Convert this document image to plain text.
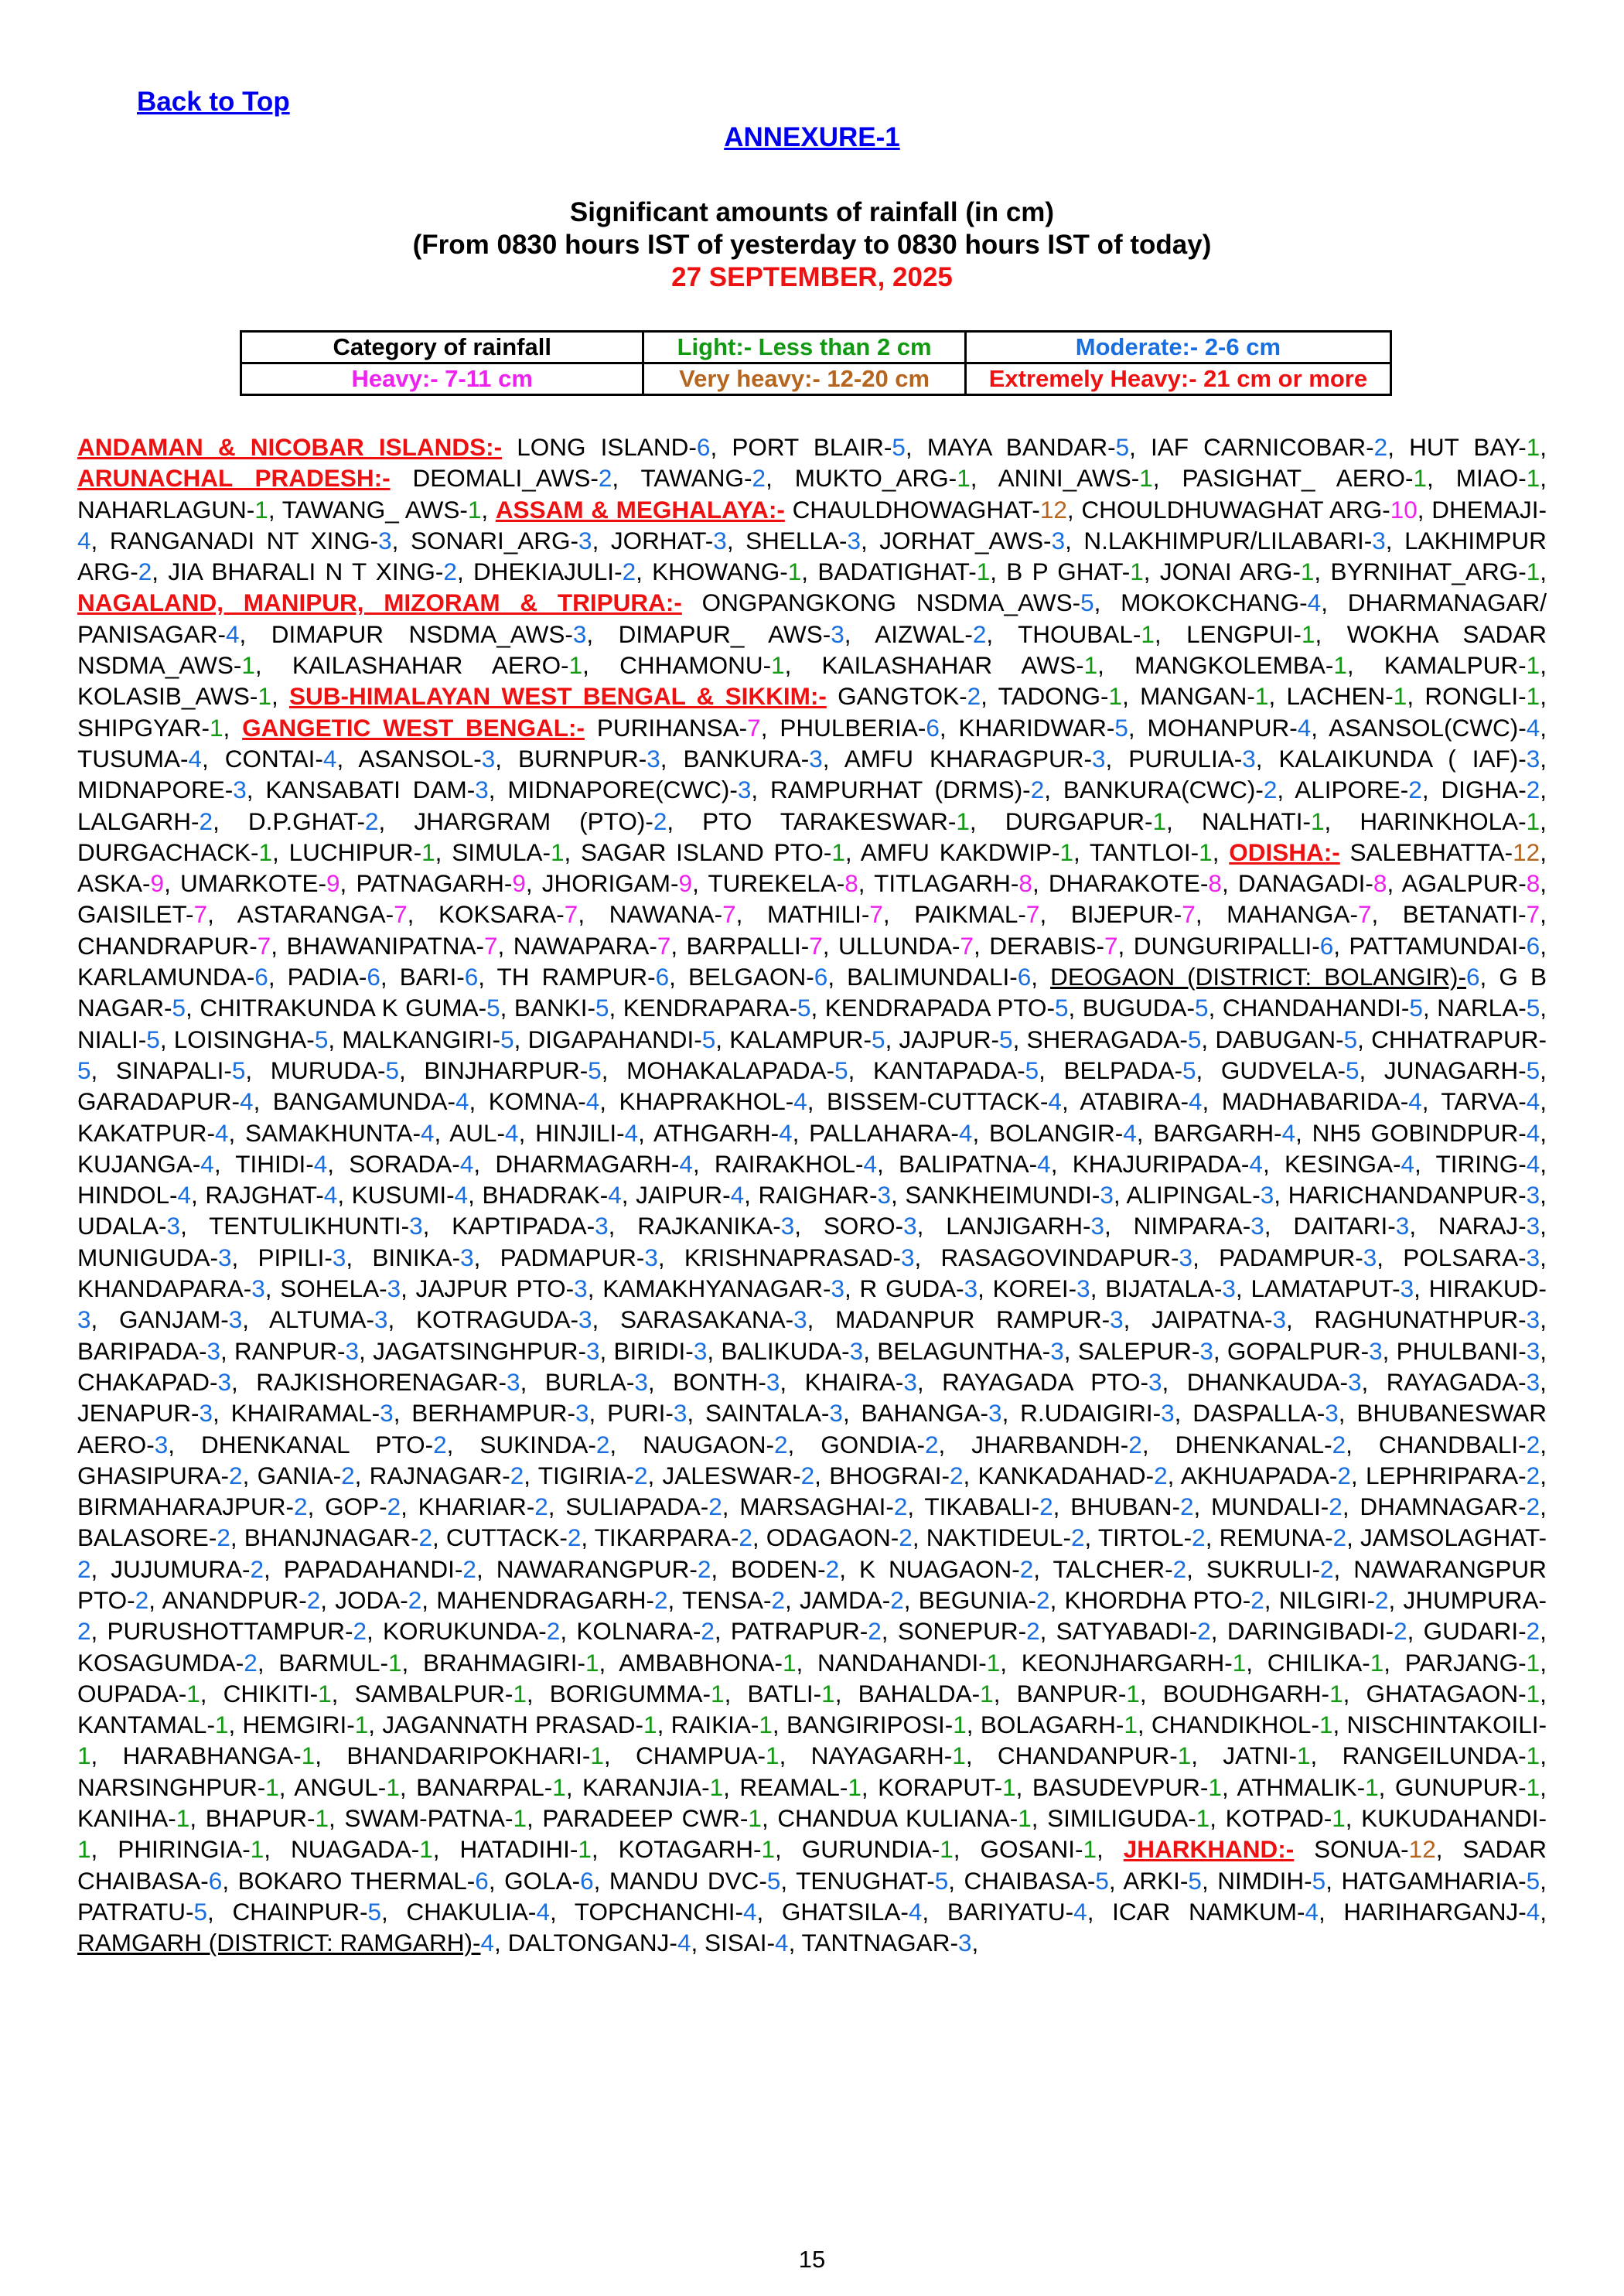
Back to Top
ANNEXURE-1
Significant amounts of rainfall (in cm)
(From 0830 hours IST of yesterday to 0830 hours IST of today)
27 SEPTEMBER, 2025
Category of rainfall	Light:- Less than 2 cm	Moderate:- 2-6 cm
Heavy:- 7-11 cm	Very heavy:- 12-20 cm	Extremely Heavy:- 21 cm or more
ANDAMAN & NICOBAR ISLANDS:- LONG ISLAND-6, PORT BLAIR-5, MAYA BANDAR-5, IAF CARNICOBAR-2, HUT BAY-1, ARUNACHAL PRADESH:- DEOMALI_AWS-2, TAWANG-2, MUKTO_ARG-1, ANINI_AWS-1, PASIGHAT_ AERO-1, MIAO-1, NAHARLAGUN-1, TAWANG_ AWS-1, ASSAM & MEGHALAYA:- CHAULDHOWAGHAT-12, CHOULDHUWAGHAT ARG-10, DHEMAJI-4, RANGANADI NT XING-3, SONARI_ARG-3, JORHAT-3, SHELLA-3, JORHAT_AWS-3, N.LAKHIMPUR/LILABARI-3, LAKHIMPUR ARG-2, JIA BHARALI N T XING-2, DHEKIAJULI-2, KHOWANG-1, BADATIGHAT-1, B P GHAT-1, JONAI ARG-1, BYRNIHAT_ARG-1, NAGALAND, MANIPUR, MIZORAM & TRIPURA:- ONGPANGKONG NSDMA_AWS-5, MOKOKCHANG-4, DHARMANAGAR/ PANISAGAR-4, DIMAPUR NSDMA_AWS-3, DIMAPUR_ AWS-3, AIZWAL-2, THOUBAL-1, LENGPUI-1, WOKHA SADAR NSDMA_AWS-1, KAILASHAHAR AERO-1, CHHAMONU-1, KAILASHAHAR AWS-1, MANGKOLEMBA-1, KAMALPUR-1, KOLASIB_AWS-1, SUB-HIMALAYAN WEST BENGAL & SIKKIM:- GANGTOK-2, TADONG-1, MANGAN-1, LACHEN-1, RONGLI-1, SHIPGYAR-1, GANGETIC WEST BENGAL:- PURIHANSA-7, PHULBERIA-6, KHARIDWAR-5, MOHANPUR-4, ASANSOL(CWC)-4, TUSUMA-4, CONTAI-4, ASANSOL-3, BURNPUR-3, BANKURA-3, AMFU KHARAGPUR-3, PURULIA-3, KALAIKUNDA ( IAF)-3, MIDNAPORE-3, KANSABATI DAM-3, MIDNAPORE(CWC)-3, RAMPURHAT (DRMS)-2, BANKURA(CWC)-2, ALIPORE-2, DIGHA-2, LALGARH-2, D.P.GHAT-2, JHARGRAM (PTO)-2, PTO TARAKESWAR-1, DURGAPUR-1, NALHATI-1, HARINKHOLA-1, DURGACHACK-1, LUCHIPUR-1, SIMULA-1, SAGAR ISLAND PTO-1, AMFU KAKDWIP-1, TANTLOI-1, ODISHA:- SALEBHATTA-12, ASKA-9, UMARKOTE-9, PATNAGARH-9, JHORIGAM-9, TUREKELA-8, TITLAGARH-8, DHARAKOTE-8, DANAGADI-8, AGALPUR-8, GAISILET-7, ASTARANGA-7, KOKSARA-7, NAWANA-7, MATHILI-7, PAIKMAL-7, BIJEPUR-7, MAHANGA-7, BETANATI-7, CHANDRAPUR-7, BHAWANIPATNA-7, NAWAPARA-7, BARPALLI-7, ULLUNDA-7, DERABIS-7, DUNGURIPALLI-6, PATTAMUNDAI-6, KARLAMUNDA-6, PADIA-6, BARI-6, TH RAMPUR-6, BELGAON-6, BALIMUNDALI-6, DEOGAON (DISTRICT: BOLANGIR)-6, G B NAGAR-5, CHITRAKUNDA K GUMA-5, BANKI-5, KENDRAPARA-5, KENDRAPADA PTO-5, BUGUDA-5, CHANDAHANDI-5, NARLA-5, NIALI-5, LOISINGHA-5, MALKANGIRI-5, DIGAPAHANDI-5, KALAMPUR-5, JAJPUR-5, SHERAGADA-5, DABUGAN-5, CHHATRAPUR-5, SINAPALI-5, MURUDA-5, BINJHARPUR-5, MOHAKALAPADA-5, KANTAPADA-5, BELPADA-5, GUDVELA-5, JUNAGARH-5, GARADAPUR-4, BANGAMUNDA-4, KOMNA-4, KHAPRAKHOL-4, BISSEM-CUTTACK-4, ATABIRA-4, MADHABARIDA-4, TARVA-4, KAKATPUR-4, SAMAKHUNTA-4, AUL-4, HINJILI-4, ATHGARH-4, PALLAHARA-4, BOLANGIR-4, BARGARH-4, NH5 GOBINDPUR-4, KUJANGA-4, TIHIDI-4, SORADA-4, DHARMAGARH-4, RAIRAKHOL-4, BALIPATNA-4, KHAJURIPADA-4, KESINGA-4, TIRING-4, HINDOL-4, RAJGHAT-4, KUSUMI-4, BHADRAK-4, JAIPUR-4, RAIGHAR-3, SANKHEIMUNDI-3, ALIPINGAL-3, HARICHANDANPUR-3, UDALA-3, TENTULIKHUNTI-3, KAPTIPADA-3, RAJKANIKA-3, SORO-3, LANJIGARH-3, NIMPARA-3, DAITARI-3, NARAJ-3, MUNIGUDA-3, PIPILI-3, BINIKA-3, PADMAPUR-3, KRISHNAPRASAD-3, RASAGOVINDAPUR-3, PADAMPUR-3, POLSARA-3, KHANDAPARA-3, SOHELA-3, JAJPUR PTO-3, KAMAKHYANAGAR-3, R GUDA-3, KOREI-3, BIJATALA-3, LAMATAPUT-3, HIRAKUD-3, GANJAM-3, ALTUMA-3, KOTRAGUDA-3, SARASAKANA-3, MADANPUR RAMPUR-3, JAIPATNA-3, RAGHUNATHPUR-3, BARIPADA-3, RANPUR-3, JAGATSINGHPUR-3, BIRIDI-3, BALIKUDA-3, BELAGUNTHA-3, SALEPUR-3, GOPALPUR-3, PHULBANI-3, CHAKAPAD-3, RAJKISHORENAGAR-3, BURLA-3, BONTH-3, KHAIRA-3, RAYAGADA PTO-3, DHANKAUDA-3, RAYAGADA-3, JENAPUR-3, KHAIRAMAL-3, BERHAMPUR-3, PURI-3, SAINTALA-3, BAHANGA-3, R.UDAIGIRI-3, DASPALLA-3, BHUBANESWAR AERO-3, DHENKANAL PTO-2, SUKINDA-2, NAUGAON-2, GONDIA-2, JHARBANDH-2, DHENKANAL-2, CHANDBALI-2, GHASIPURA-2, GANIA-2, RAJNAGAR-2, TIGIRIA-2, JALESWAR-2, BHOGRAI-2, KANKADAHAD-2, AKHUAPADA-2, LEPHRIPARA-2, BIRMAHARAJPUR-2, GOP-2, KHARIAR-2, SULIAPADA-2, MARSAGHAI-2, TIKABALI-2, BHUBAN-2, MUNDALI-2, DHAMNAGAR-2, BALASORE-2, BHANJNAGAR-2, CUTTACK-2, TIKARPARA-2, ODAGAON-2, NAKTIDEUL-2, TIRTOL-2, REMUNA-2, JAMSOLAGHAT-2, JUJUMURA-2, PAPADAHANDI-2, NAWARANGPUR-2, BODEN-2, K NUAGAON-2, TALCHER-2, SUKRULI-2, NAWARANGPUR PTO-2, ANANDPUR-2, JODA-2, MAHENDRAGARH-2, TENSA-2, JAMDA-2, BEGUNIA-2, KHORDHA PTO-2, NILGIRI-2, JHUMPURA-2, PURUSHOTTAMPUR-2, KORUKUNDA-2, KOLNARA-2, PATRAPUR-2, SONEPUR-2, SATYABADI-2, DARINGIBADI-2, GUDARI-2, KOSAGUMDA-2, BARMUL-1, BRAHMAGIRI-1, AMBABHONA-1, NANDAHANDI-1, KEONJHARGARH-1, CHILIKA-1, PARJANG-1, OUPADA-1, CHIKITI-1, SAMBALPUR-1, BORIGUMMA-1, BATLI-1, BAHALDA-1, BANPUR-1, BOUDHGARH-1, GHATAGAON-1, KANTAMAL-1, HEMGIRI-1, JAGANNATH PRASAD-1, RAIKIA-1, BANGIRIPOSI-1, BOLAGARH-1, CHANDIKHOL-1, NISCHINTAKOILI-1, HARABHANGA-1, BHANDARIPOKHARI-1, CHAMPUA-1, NAYAGARH-1, CHANDANPUR-1, JATNI-1, RANGEILUNDA-1, NARSINGHPUR-1, ANGUL-1, BANARPAL-1, KARANJIA-1, REAMAL-1, KORAPUT-1, BASUDEVPUR-1, ATHMALIK-1, GUNUPUR-1, KANIHA-1, BHAPUR-1, SWAM-PATNA-1, PARADEEP CWR-1, CHANDUA KULIANA-1, SIMILIGUDA-1, KOTPAD-1, KUKUDAHANDI-1, PHIRINGIA-1, NUAGADA-1, HATADIHI-1, KOTAGARH-1, GURUNDIA-1, GOSANI-1, JHARKHAND:- SONUA-12, SADAR CHAIBASA-6, BOKARO THERMAL-6, GOLA-6, MANDU DVC-5, TENUGHAT-5, CHAIBASA-5, ARKI-5, NIMDIH-5, HATGAMHARIA-5, PATRATU-5, CHAINPUR-5, CHAKULIA-4, TOPCHANCHI-4, GHATSILA-4, BARIYATU-4, ICAR NAMKUM-4, HARIHARGANJ-4, RAMGARH (DISTRICT: RAMGARH)-4, DALTONGANJ-4, SISAI-4, TANTNAGAR-3,
15
